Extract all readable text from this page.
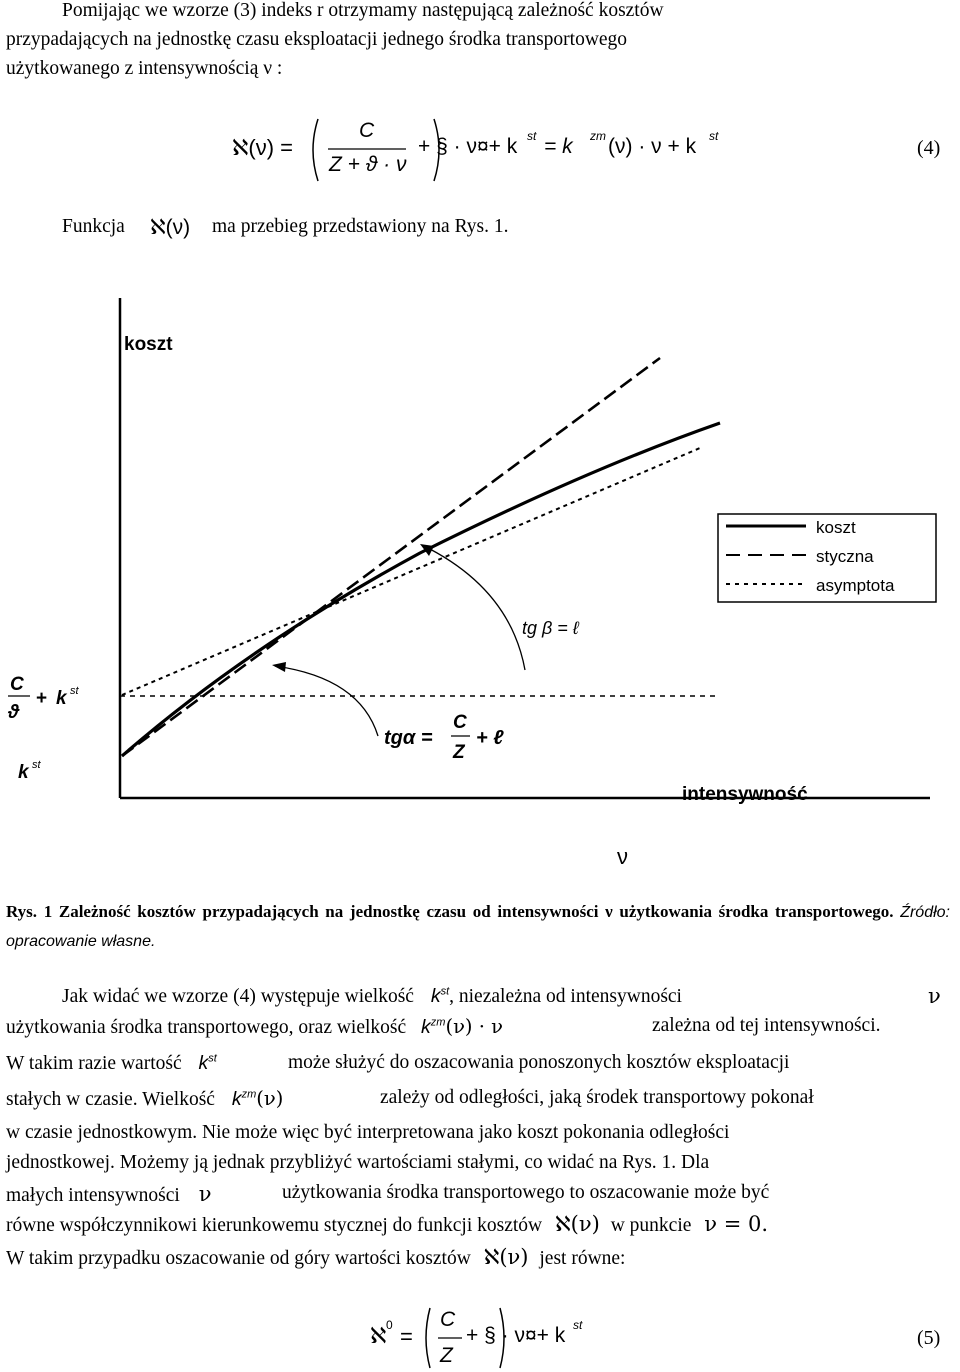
Pomijając we wzorze (3) indeks r otrzymamy następującą zależność kosztów
przypadających na jednostkę czasu eksploatacji jednego środka transportowego
użytkowanego z intensywnością ν :
ℵ(ν) =
C
Z + ϑ · ν
+ § · ν¤+ k st = k zm (ν) · ν + k st
(4)
Funkcja ℵ(ν) ma przebieg przedstawiony na Rys. 1.
koszt
intensywność
ν
tg β = ℓ
tgα =
C
Z
+ ℓ
C
ϑ
+ k st
k st
koszt
styczna
asymptota
Rys. 1 Zależność kosztów przypadających na jednostkę czasu od intensywności ν użytkowania środka transportowego. Źródło: opracowanie własne.
Jak widać we wzorze (4) występuje wielkość $k^{st}$, niezależna od intensywności	ν
użytkowania środka transportowego, oraz wielkość $k^{zm}(\nu) \cdot \nu$	zależna od tej intensywności.
W takim razie wartość $k^{st}$	może służyć do oszacowania ponoszonych kosztów eksploatacji
stałych w czasie. Wielkość $k^{zm}(\nu)$	zależy od odległości, jaką środek transportowy pokonał
w czasie jednostkowym. Nie może więc być interpretowana jako koszt pokonania odległości
jednostkowej. Możemy ją jednak przybliżyć wartościami stałymi, co widać na Rys. 1. Dla
małych intensywności ν	użytkowania środka transportowego to oszacowanie może być
równe współczynnikowi kierunkowemu stycznej do funkcji kosztów ℵ(ν) w punkcie ν = 0.
W takim przypadku oszacowanie od góry wartości kosztów ℵ(ν) jest równe:
ℵ 0 =
C
Z
+ § · ν¤+ k st
(5)
